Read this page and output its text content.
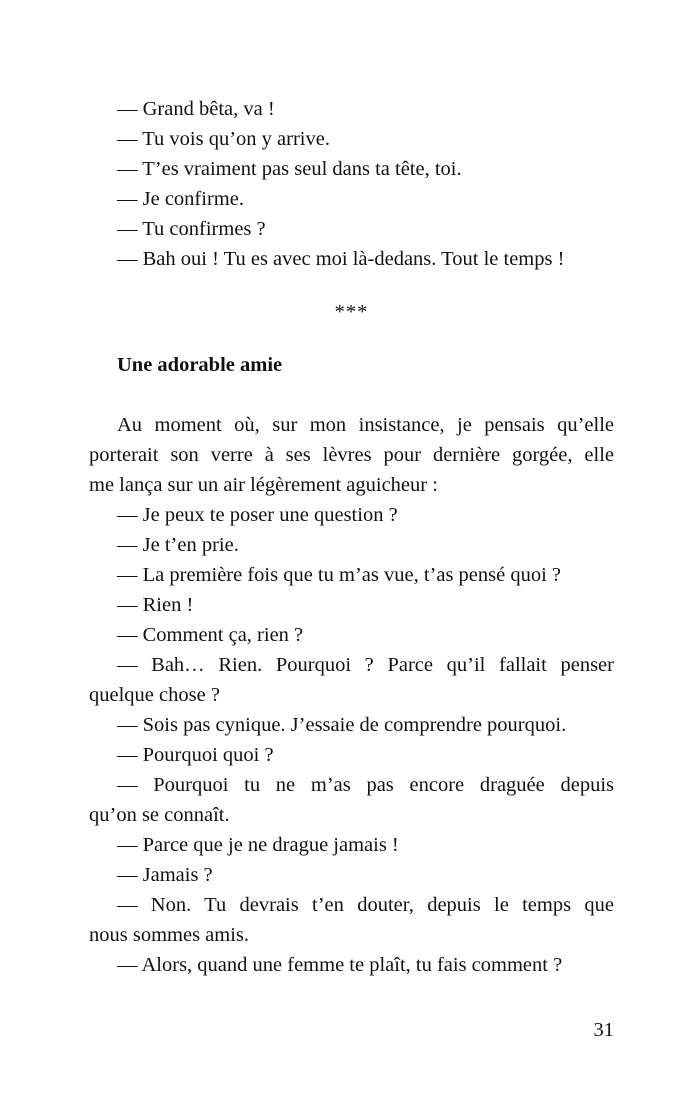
— Grand bêta, va !
— Tu vois qu’on y arrive.
— T’es vraiment pas seul dans ta tête, toi.
— Je confirme.
— Tu confirmes ?
— Bah oui ! Tu es avec moi là-dedans. Tout le temps !
***
Une adorable amie
Au moment où, sur mon insistance, je pensais qu’elle
porterait son verre à ses lèvres pour dernière gorgée, elle
me lança sur un air légèrement aguicheur :
— Je peux te poser une question ?
— Je t’en prie.
— La première fois que tu m’as vue, t’as pensé quoi ?
— Rien !
— Comment ça, rien ?
— Bah… Rien. Pourquoi ? Parce qu’il fallait penser
quelque chose ?
— Sois pas cynique. J’essaie de comprendre pourquoi.
— Pourquoi quoi ?
— Pourquoi tu ne m’as pas encore draguée depuis
qu’on se connaît.
— Parce que je ne drague jamais !
— Jamais ?
— Non. Tu devrais t’en douter, depuis le temps que
nous sommes amis.
— Alors, quand une femme te plaît, tu fais comment ?
31
